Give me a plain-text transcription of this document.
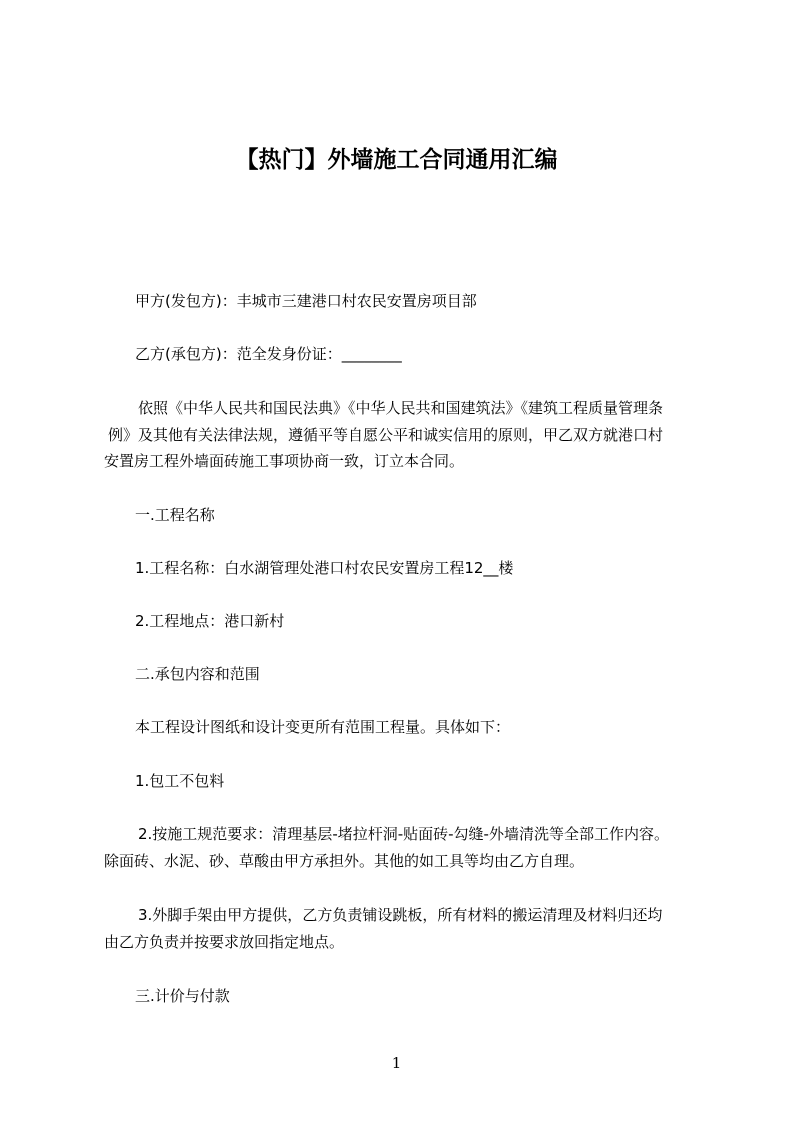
【热门】外墙施工合同通用汇编
甲方(发包方)：丰城市三建港口村农民安置房项目部
乙方(承包方)：范全发身份证：________
依照《中华人民共和国民法典》《中华人民共和国建筑法》《建筑工程质量管理条
例》及其他有关法律法规，遵循平等自愿公平和诚实信用的原则，甲乙双方就港口村
安置房工程外墙面砖施工事项协商一致，订立本合同。
一.工程名称
1.工程名称：白水湖管理处港口村农民安置房工程12__楼
2.工程地点：港口新村
二.承包内容和范围
本工程设计图纸和设计变更所有范围工程量。具体如下：
1.包工不包料
2.按施工规范要求：清理基层-堵拉杆洞-贴面砖-勾缝-外墙清洗等全部工作内容。
除面砖、水泥、砂、草酸由甲方承担外。其他的如工具等均由乙方自理。
3.外脚手架由甲方提供，乙方负责铺设跳板，所有材料的搬运清理及材料归还均
由乙方负责并按要求放回指定地点。
三.计价与付款
1
